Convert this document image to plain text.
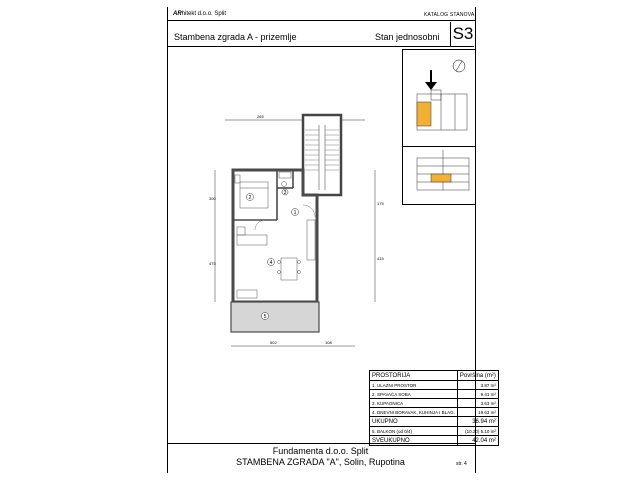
ARhitekt d.o.o. Split	KATALOG STANOVA
Stambena zgrada A - prizemlje	Stan jednosobni S3
265
1
2
3
4
5
300
475
175
415
502	108
PROSTORIJA	Površina (m²)
1. ULAZNI PROSTOR	3.87 m²
2. SPAVAĆA SOBA	9.41 m²
3. KUPAONICA	3.63 m²
4. DNEVNI BORAVAK, KUHINJA I BLAG.	19.63 m²
UKUPNO	36.94 m²
5. BALKON (od 0/4)	(10.20) 5.10 m²
SVEUKUPNO	42.04 m²
Fundamenta d.o.o. Split
STAMBENA ZGRADA "A", Solin, Rupotina	str. 4
